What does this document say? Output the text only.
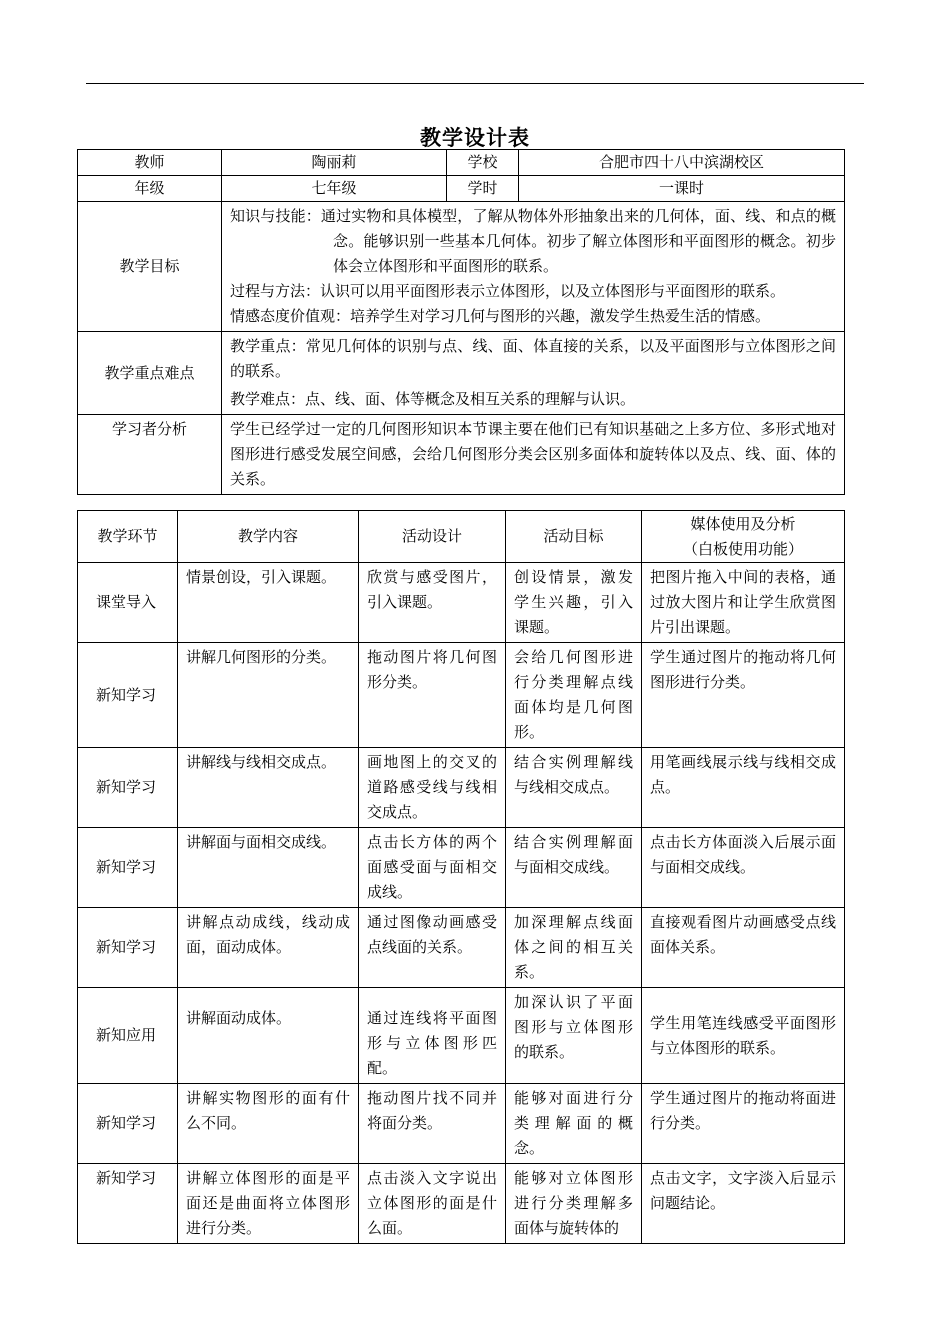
教学设计表
教师	陶丽莉	学校	合肥市四十八中滨湖校区
年级	七年级	学时	一课时
教学目标	知识与技能：通过实物和具体模型，了解从物体外形抽象出来的几何体，面、线、和点的概念。能够识别一些基本几何体。初步了解立体图形和平面图形的概念。初步体会立体图形和平面图形的联系。

过程与方法：认识可以用平面图形表示立体图形，以及立体图形与平面图形的联系。

情感态度价值观：培养学生对学习几何与图形的兴趣，激发学生热爱生活的情感。		

教学重点难点	教学重点：常见几何体的识别与点、线、面、体直接的关系，以及平面图形与立体图形之间的联系。

教学难点：点、线、面、体等概念及相互关系的理解与认识。		

学习者分析	学生已经学过一定的几何图形知识本节课主要在他们已有知识基础之上多方位、多形式地对图形进行感受发展空间感，会给几何图形分类会区别多面体和旋转体以及点、线、面、体的关系。		
教学环节	教学内容	活动设计	活动目标	媒体使用及分析
（白板使用功能）

课堂导入	情景创设，引入课题。	欣赏与感受图片，引入课题。	创设情景，激发学生兴趣，引入课题。	把图片拖入中间的表格，通过放大图片和让学生欣赏图片引出课题。
新知学习	讲解几何图形的分类。	拖动图片将几何图形分类。	会给几何图形进行分类理解点线面体均是几何图形。	学生通过图片的拖动将几何图形进行分类。
新知学习	讲解线与线相交成点。	画地图上的交叉的道路感受线与线相交成点。	结合实例理解线与线相交成点。	用笔画线展示线与线相交成点。
新知学习	讲解面与面相交成线。	点击长方体的两个面感受面与面相交成线。	结合实例理解面与面相交成线。	点击长方体面淡入后展示面与面相交成线。
新知学习	讲解点动成线，线动成面，面动成体。	通过图像动画感受点线面的关系。	加深理解点线面体之间的相互关系。	直接观看图片动画感受点线面体关系。
新知应用	讲解面动成体。	通过连线将平面图形与立体图形匹配。	加深认识了平面图形与立体图形的联系。	学生用笔连线感受平面图形与立体图形的联系。
新知学习	讲解实物图形的面有什么不同。	拖动图片找不同并将面分类。	能够对面进行分类理解面的概念。	学生通过图片的拖动将面进行分类。
新知学习	讲解立体图形的面是平面还是曲面将立体图形进行分类。	点击淡入文字说出立体图形的面是什么面。	能够对立体图形进行分类理解多面体与旋转体的	点击文字，文字淡入后显示问题结论。
